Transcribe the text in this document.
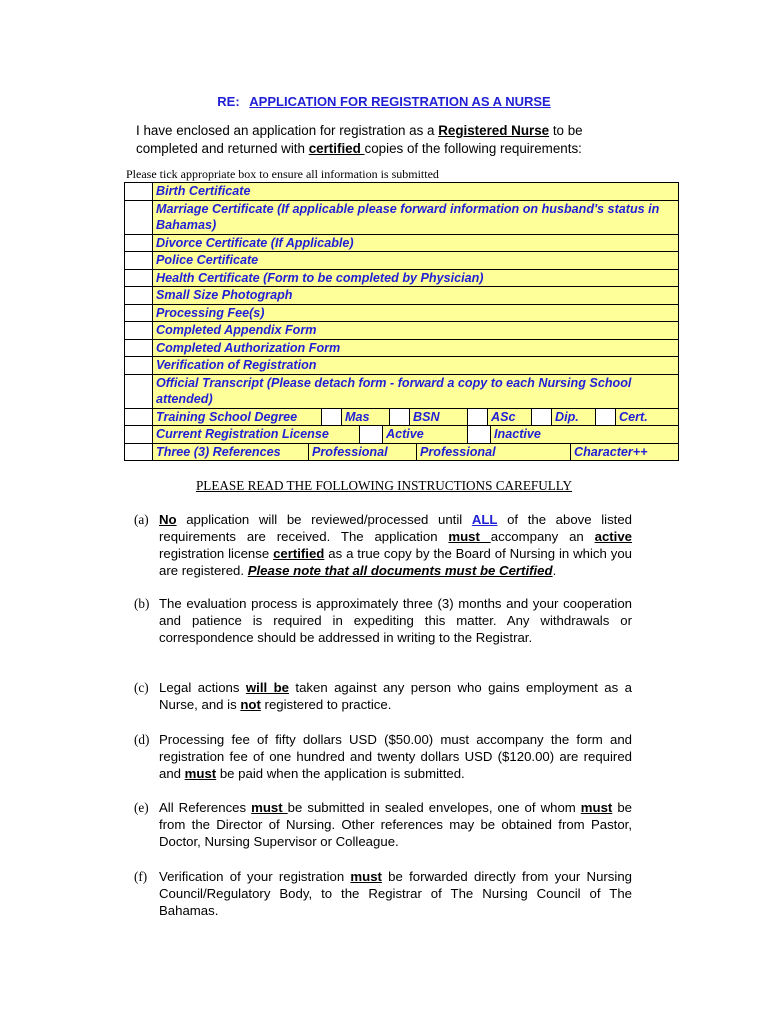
RE: APPLICATION FOR REGISTRATION AS A NURSE
I have enclosed an application for registration as a Registered Nurse to be completed and returned with certified copies of the following requirements:
Please tick appropriate box to ensure all information is submitted
	Birth Certificate
	Marriage Certificate (If applicable please forward information on husband's status in Bahamas)
	Divorce Certificate (If Applicable)
	Police Certificate
	Health Certificate (Form to be completed by Physician)
	Small Size Photograph
	Processing Fee(s)
	Completed Appendix Form
	Completed Authorization Form
	Verification of Registration
	Official Transcript (Please detach form - forward a copy to each Nursing School attended)

Training School Degree		Mas		BSN		ASc		Dip.		Cert.

Current Registration License		Active		Inactive

Three (3) References	Professional	Professional	Character++
PLEASE READ THE FOLLOWING INSTRUCTIONS CAREFULLY
(a) No application will be reviewed/processed until ALL of the above listed requirements are received. The application must accompany an active registration license certified as a true copy by the Board of Nursing in which you are registered. Please note that all documents must be Certified.
(b) The evaluation process is approximately three (3) months and your cooperation and patience is required in expediting this matter. Any withdrawals or correspondence should be addressed in writing to the Registrar.
(c) Legal actions will be taken against any person who gains employment as a Nurse, and is not registered to practice.
(d) Processing fee of fifty dollars USD ($50.00) must accompany the form and registration fee of one hundred and twenty dollars USD ($120.00) are required and must be paid when the application is submitted.
(e) All References must be submitted in sealed envelopes, one of whom must be from the Director of Nursing. Other references may be obtained from Pastor, Doctor, Nursing Supervisor or Colleague.
(f) Verification of your registration must be forwarded directly from your Nursing Council/Regulatory Body, to the Registrar of The Nursing Council of The Bahamas.
